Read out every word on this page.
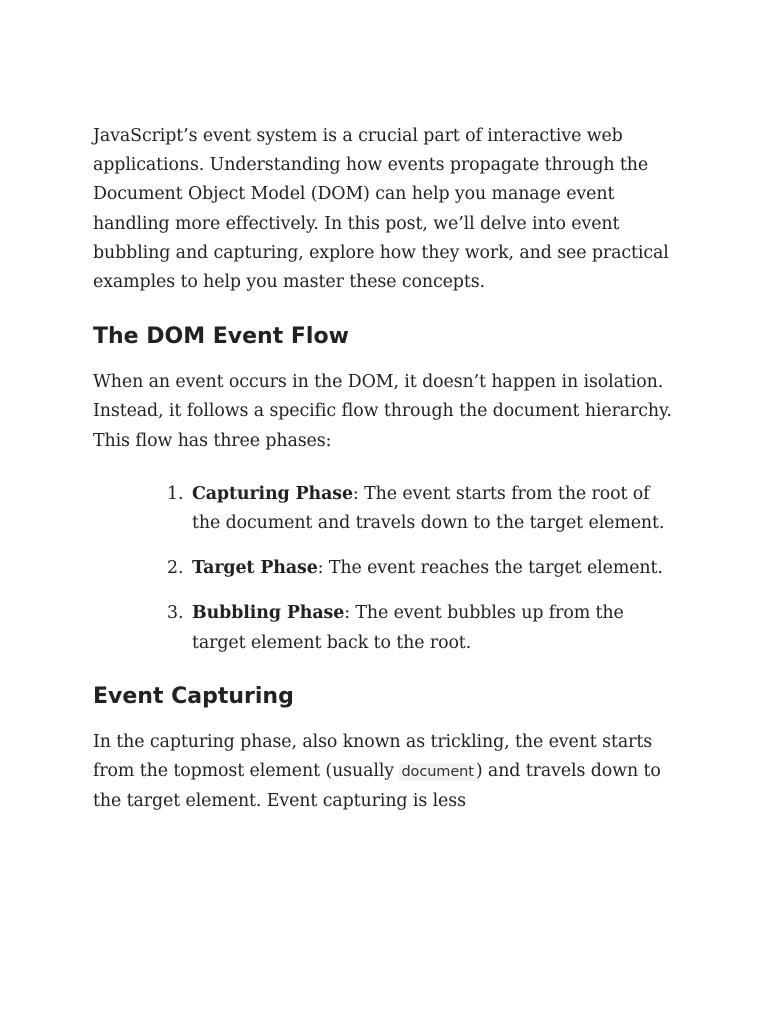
JavaScript’s event system is a crucial part of interactive web applications. Understanding how events propagate through the Document Object Model (DOM) can help you manage event handling more effectively. In this post, we’ll delve into event bubbling and capturing, explore how they work, and see practical examples to help you master these concepts.

The DOM Event Flow

When an event occurs in the DOM, it doesn’t happen in isolation. Instead, it follows a specific flow through the document hierarchy. This flow has three phases:

1. Capturing Phase: The event starts from the root of the document and travels down to the target element.
2. Target Phase: The event reaches the target element.
3. Bubbling Phase: The event bubbles up from the target element back to the root.
Event Capturing

In the capturing phase, also known as trickling, the event starts from the topmost element (usually document ) and travels down to the target element. Event capturing is less
